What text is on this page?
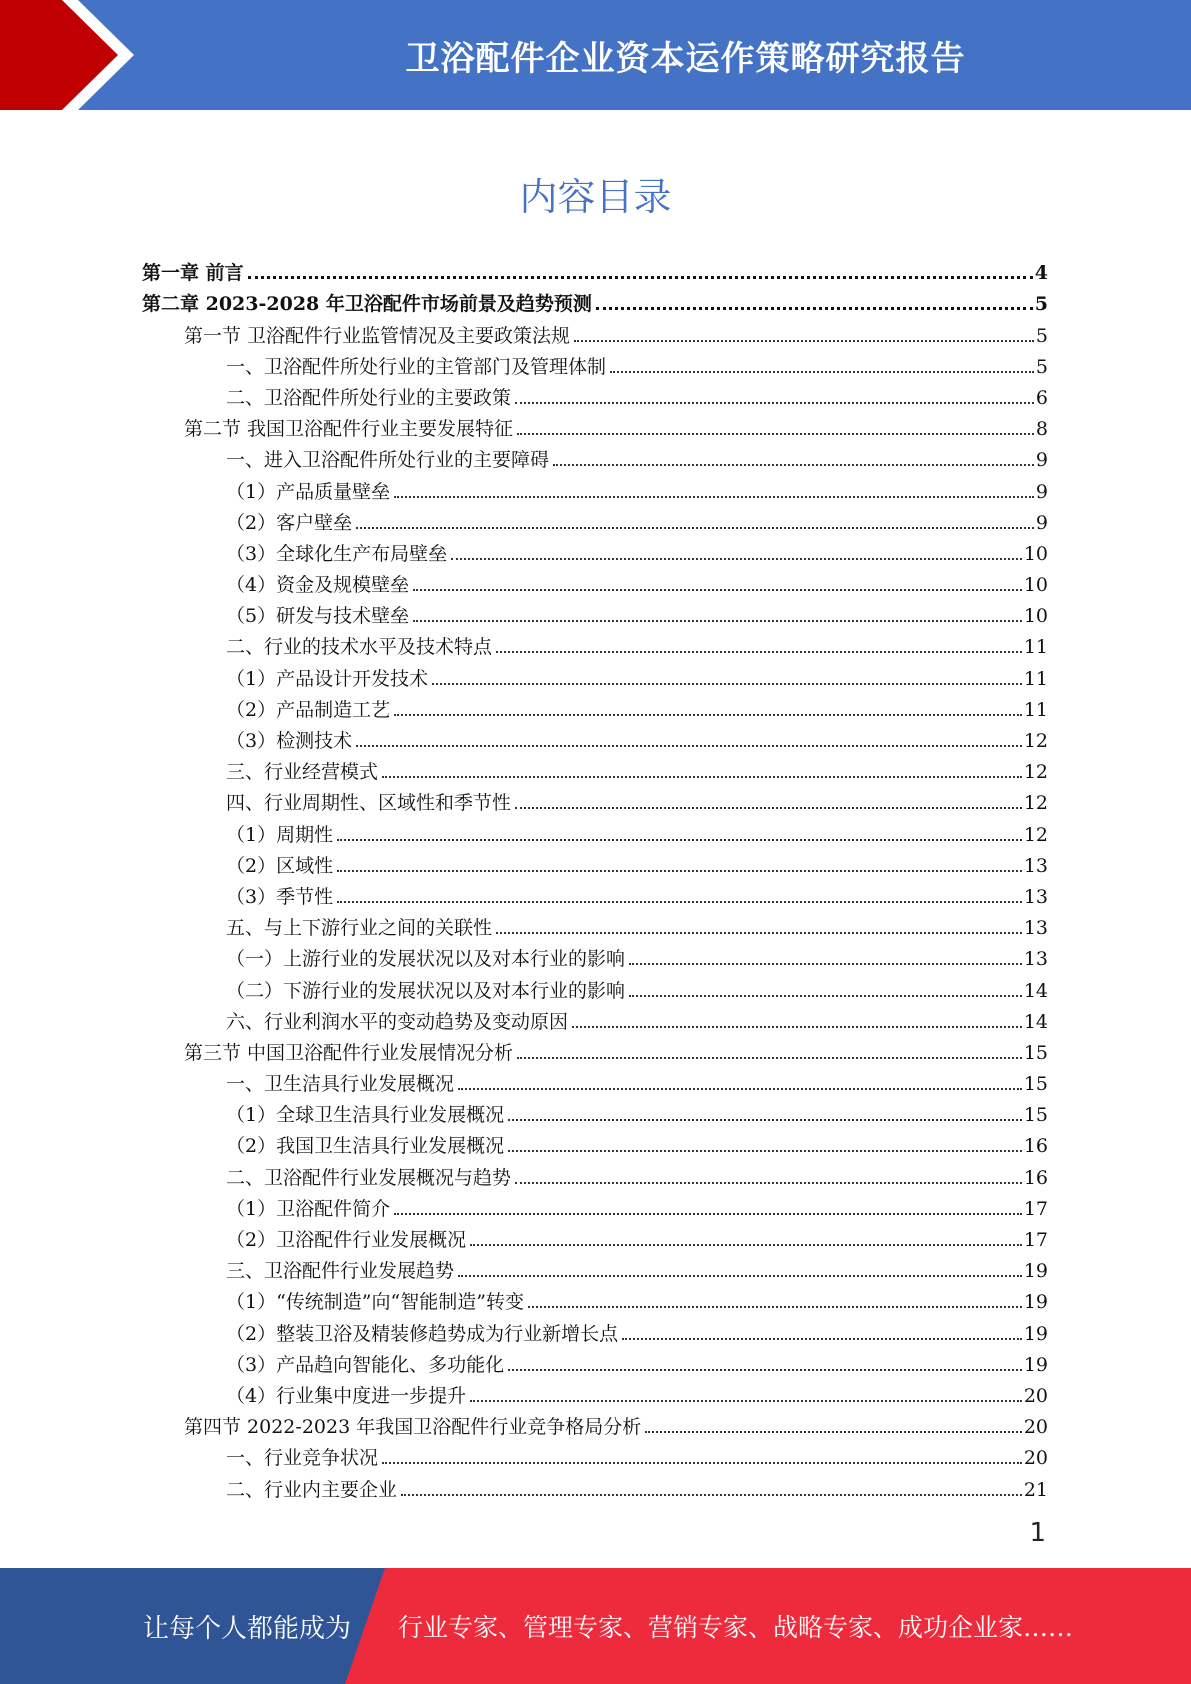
卫浴配件企业资本运作策略研究报告
内容目录
第一章 前言	4
第二章 2023-2028 年卫浴配件市场前景及趋势预测	5
第一节 卫浴配件行业监管情况及主要政策法规	5
一、卫浴配件所处行业的主管部门及管理体制	5
二、卫浴配件所处行业的主要政策	6
第二节 我国卫浴配件行业主要发展特征	8
一、进入卫浴配件所处行业的主要障碍	9
（1）产品质量壁垒	9
（2）客户壁垒	9
（3）全球化生产布局壁垒	10
（4）资金及规模壁垒	10
（5）研发与技术壁垒	10
二、行业的技术水平及技术特点	11
（1）产品设计开发技术	11
（2）产品制造工艺	11
（3）检测技术	12
三、行业经营模式	12
四、行业周期性、区域性和季节性	12
（1）周期性	12
（2）区域性	13
（3）季节性	13
五、与上下游行业之间的关联性	13
（一）上游行业的发展状况以及对本行业的影响	13
（二）下游行业的发展状况以及对本行业的影响	14
六、行业利润水平的变动趋势及变动原因	14
第三节 中国卫浴配件行业发展情况分析	15
一、卫生洁具行业发展概况	15
（1）全球卫生洁具行业发展概况	15
（2）我国卫生洁具行业发展概况	16
二、卫浴配件行业发展概况与趋势	16
（1）卫浴配件简介	17
（2）卫浴配件行业发展概况	17
三、卫浴配件行业发展趋势	19
（1）“传统制造”向“智能制造”转变	19
（2）整装卫浴及精装修趋势成为行业新增长点	19
（3）产品趋向智能化、多功能化	19
（4）行业集中度进一步提升	20
第四节 2022-2023 年我国卫浴配件行业竞争格局分析	20
一、行业竞争状况	20
二、行业内主要企业	21
1
让每个人都能成为 行业专家、管理专家、营销专家、战略专家、成功企业家……
